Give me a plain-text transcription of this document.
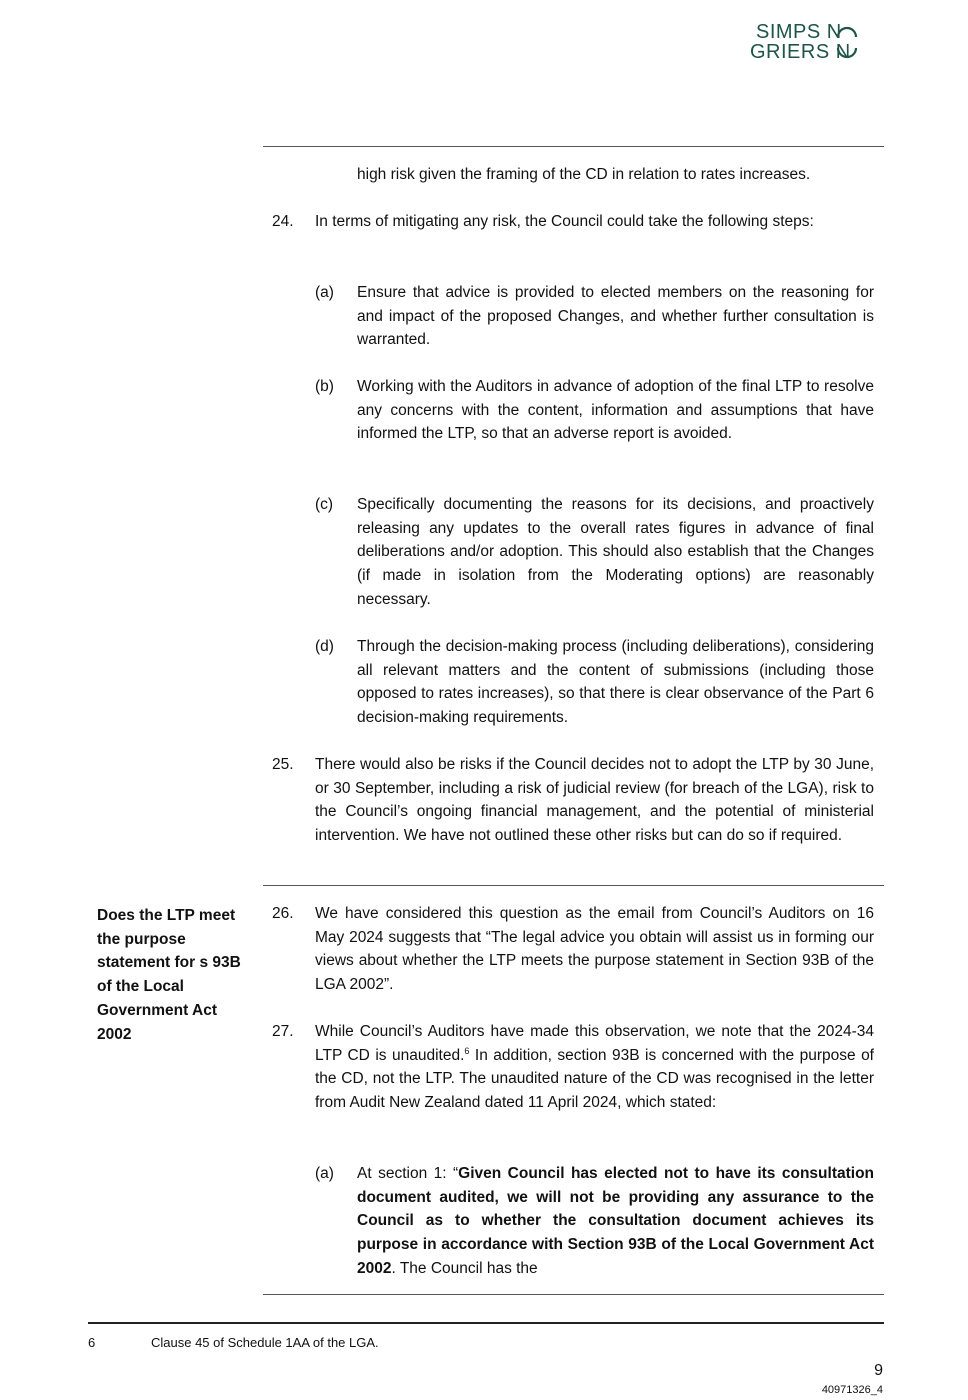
SIMPS N
GRIERS N

high risk given the framing of the CD in relation to rates increases.

24. In terms of mitigating any risk, the Council could take the following steps:

(a) Ensure that advice is provided to elected members on the reasoning for and impact of the proposed Changes, and whether further consultation is warranted.

(b) Working with the Auditors in advance of adoption of the final LTP to resolve any concerns with the content, information and assumptions that have informed the LTP, so that an adverse report is avoided.

(c) Specifically documenting the reasons for its decisions, and proactively releasing any updates to the overall rates figures in advance of final deliberations and/or adoption. This should also establish that the Changes (if made in isolation from the Moderating options) are reasonably necessary.

(d) Through the decision-making process (including deliberations), considering all relevant matters and the content of submissions (including those opposed to rates increases), so that there is clear observance of the Part 6 decision-making requirements.

25. There would also be risks if the Council decides not to adopt the LTP by 30 June, or 30 September, including a risk of judicial review (for breach of the LGA), risk to the Council’s ongoing financial management, and the potential of ministerial intervention. We have not outlined these other risks but can do so if required.

Does the LTP meet the purpose statement for s 93B of the Local Government Act 2002

26. We have considered this question as the email from Council’s Auditors on 16 May 2024 suggests that “The legal advice you obtain will assist us in forming our views about whether the LTP meets the purpose statement in Section 93B of the LGA 2002”.

27. While Council’s Auditors have made this observation, we note that the 2024-34 LTP CD is unaudited.$^6$ In addition, section 93B is concerned with the purpose of the CD, not the LTP. The unaudited nature of the CD was recognised in the letter from Audit New Zealand dated 11 April 2024, which stated:

(a) At section 1: “Given Council has elected not to have its consultation document audited, we will not be providing any assurance to the Council as to whether the consultation document achieves its purpose in accordance with Section 93B of the Local Government Act 2002. The Council has the

6	Clause 45 of Schedule 1AA of the LGA.
9
40971326_4
